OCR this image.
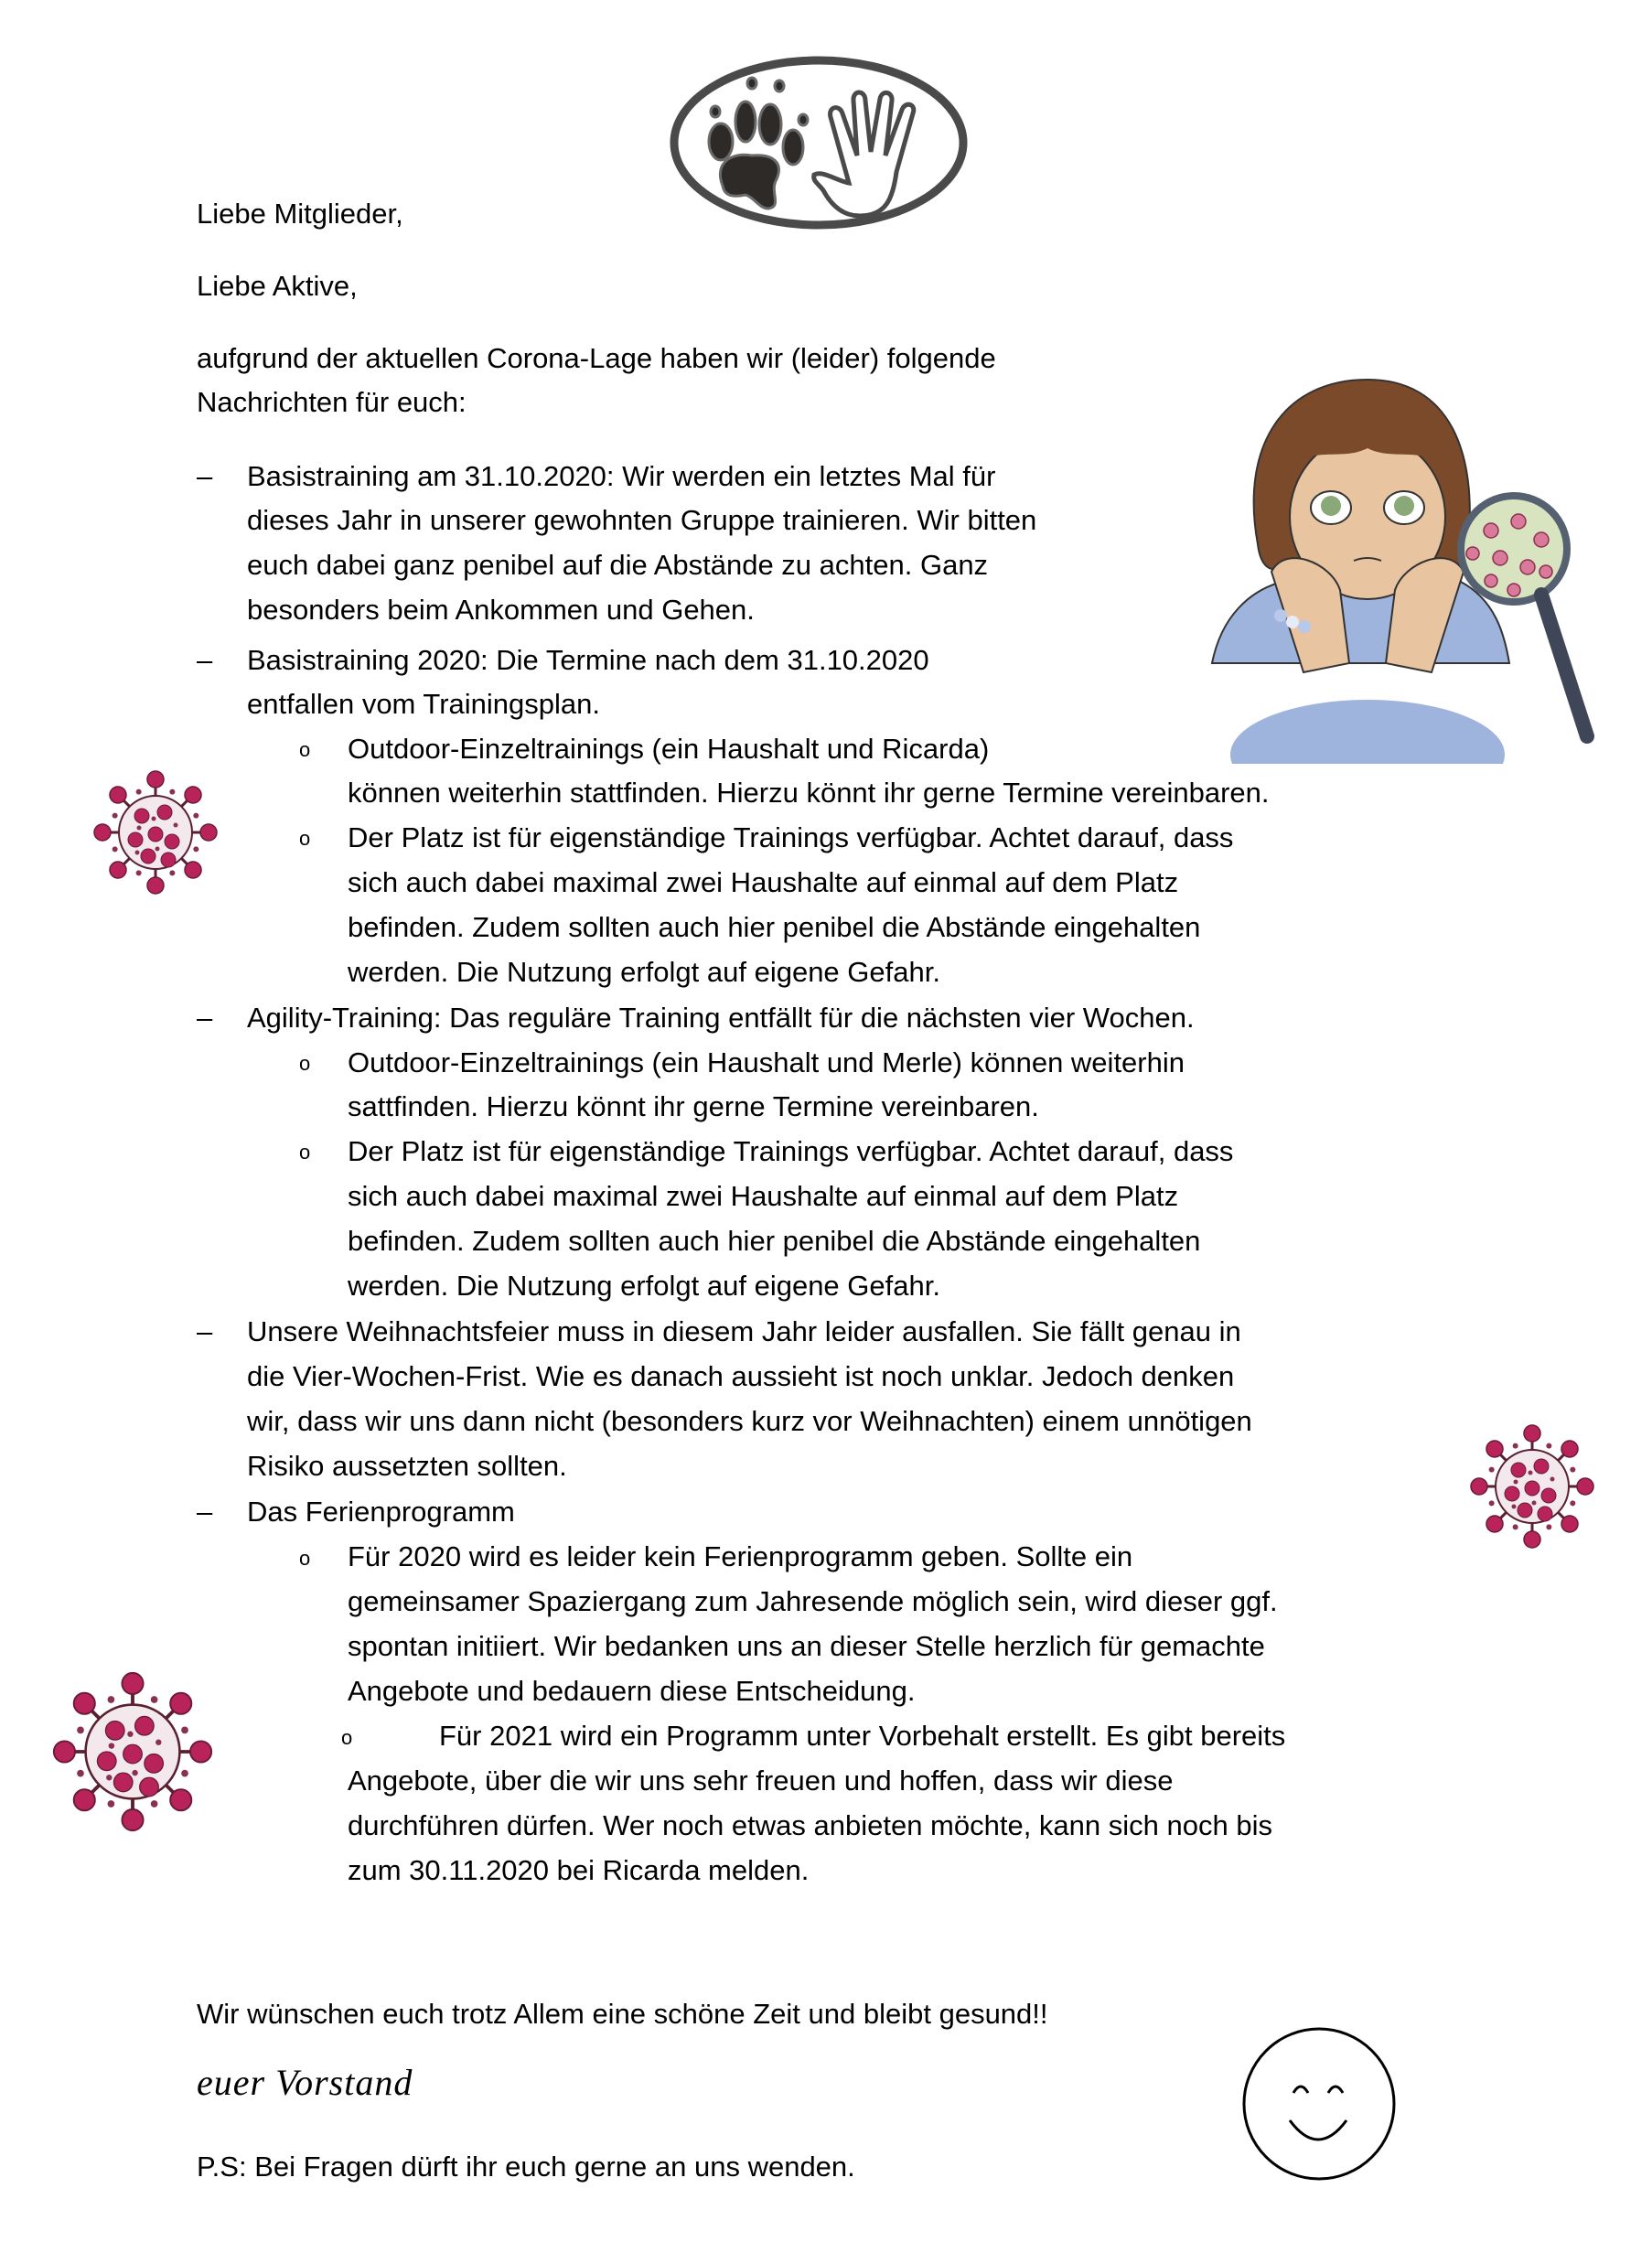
Liebe Mitglieder,
Liebe Aktive,
aufgrund der aktuellen Corona-Lage haben wir (leider) folgende
Nachrichten für euch:
– Basistraining am 31.10.2020: Wir werden ein letztes Mal für
dieses Jahr in unserer gewohnten Gruppe trainieren. Wir bitten
euch dabei ganz penibel auf die Abstände zu achten. Ganz
besonders beim Ankommen und Gehen.
– Basistraining 2020: Die Termine nach dem 31.10.2020
entfallen vom Trainingsplan.
o Outdoor-Einzeltrainings (ein Haushalt und Ricarda)
können weiterhin stattfinden. Hierzu könnt ihr gerne Termine vereinbaren.
o Der Platz ist für eigenständige Trainings verfügbar. Achtet darauf, dass
sich auch dabei maximal zwei Haushalte auf einmal auf dem Platz
befinden. Zudem sollten auch hier penibel die Abstände eingehalten
werden. Die Nutzung erfolgt auf eigene Gefahr.
– Agility-Training: Das reguläre Training entfällt für die nächsten vier Wochen.
o Outdoor-Einzeltrainings (ein Haushalt und Merle) können weiterhin
sattfinden. Hierzu könnt ihr gerne Termine vereinbaren.
o Der Platz ist für eigenständige Trainings verfügbar. Achtet darauf, dass
sich auch dabei maximal zwei Haushalte auf einmal auf dem Platz
befinden. Zudem sollten auch hier penibel die Abstände eingehalten
werden. Die Nutzung erfolgt auf eigene Gefahr.
– Unsere Weihnachtsfeier muss in diesem Jahr leider ausfallen. Sie fällt genau in
die Vier-Wochen-Frist. Wie es danach aussieht ist noch unklar. Jedoch denken
wir, dass wir uns dann nicht (besonders kurz vor Weihnachten) einem unnötigen
Risiko aussetzten sollten.
– Das Ferienprogramm
o Für 2020 wird es leider kein Ferienprogramm geben. Sollte ein
gemeinsamer Spaziergang zum Jahresende möglich sein, wird dieser ggf.
spontan initiiert. Wir bedanken uns an dieser Stelle herzlich für gemachte
Angebote und bedauern diese Entscheidung.
o	Für 2021 wird ein Programm unter Vorbehalt erstellt. Es gibt bereits
Angebote, über die wir uns sehr freuen und hoffen, dass wir diese
durchführen dürfen. Wer noch etwas anbieten möchte, kann sich noch bis
zum 30.11.2020 bei Ricarda melden.
Wir wünschen euch trotz Allem eine schöne Zeit und bleibt gesund!!
euer Vorstand
P.S: Bei Fragen dürft ihr euch gerne an uns wenden.
